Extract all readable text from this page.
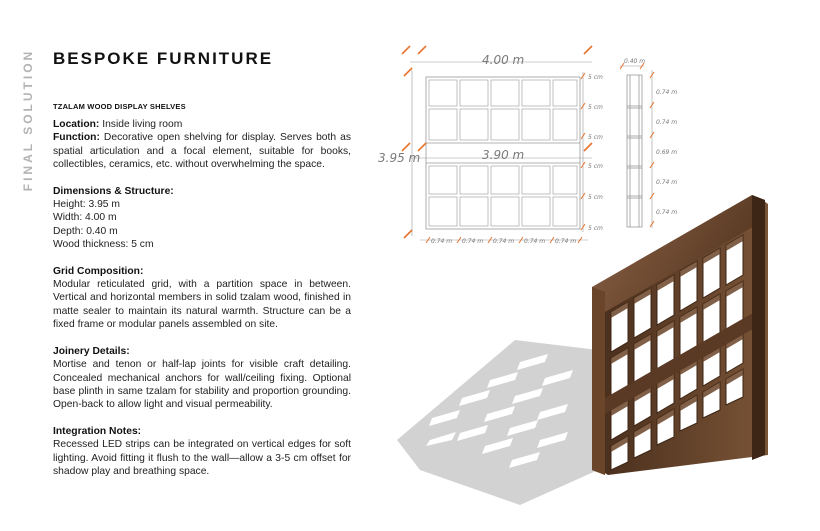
FINAL SOLUTION BESPOKE FURNITURE
TZALAM WOOD DISPLAY SHELVES

Location: Inside living room

Function: Decorative open shelving for display. Serves both as spatial articulation and a focal element, suitable for books, collectibles, ceramics, etc. without overwhelming the space.

Dimensions & Structure:

Height: 3.95 m

Width: 4.00 m

Depth: 0.40 m

Wood thickness: 5 cm

Grid Composition:

Modular reticulated grid, with a partition space in between. Vertical and horizontal members in solid tzalam wood, finished in matte sealer to maintain its natural warmth. Structure can be a fixed frame or modular panels assembled on site.

Joinery Details:

Mortise and tenon or half-lap joints for visible craft detailing. Concealed mechanical anchors for wall/ceiling fixing. Optional base plinth in same tzalam for stability and proportion grounding. Open-back to allow light and visual permeability.

Integration Notes:

Recessed LED strips can be integrated on vertical edges for soft lighting. Avoid fitting it flush to the wall—allow a 3-5 cm offset for shadow play and breathing space.

4.00 m
3.95 m	3.90 m
0.40 m
5 cm
5 cm
5 cm
5 cm
5 cm
5 cm
0.74 m 0.74 m 0.74 m 0.74 m 0.74 m
0.74 m
0.74 m
0.69 m
0.74 m
0.74 m
